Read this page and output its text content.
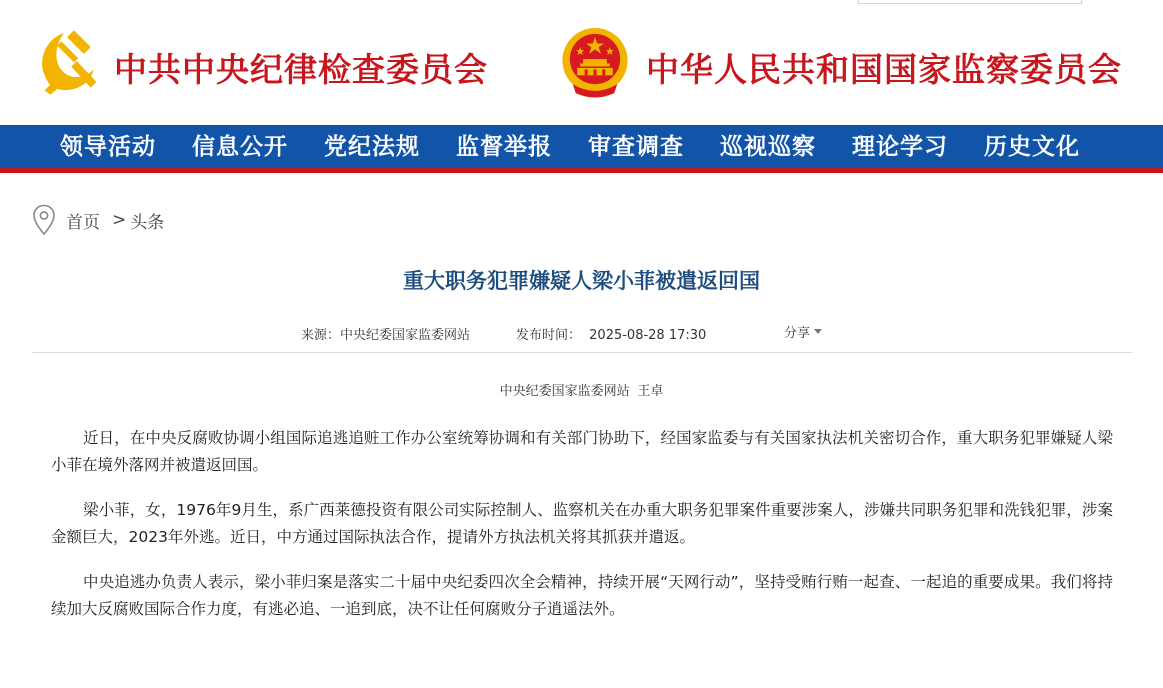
中共中央纪律检查委员会	中华人民共和国国家监察委员会
领导活动 信息公开 党纪法规 监督举报 审查调查 巡视巡察 理论学习 历史文化
首页 > 头条
重大职务犯罪嫌疑人梁小菲被遣返回国
来源：中央纪委国家监委网站	发布时间： 2025-08-28 17:30	分享
中央纪委国家监委网站 王卓

近日，在中央反腐败协调小组国际追逃追赃工作办公室统筹协调和有关部门协助下，经国家监委与有关国家执法机关密切合作，重大职务犯罪嫌疑人梁小菲在境外落网并被遣返回国。

梁小菲，女，1976年9月生，系广西莱德投资有限公司实际控制人、监察机关在办重大职务犯罪案件重要涉案人，涉嫌共同职务犯罪和洗钱犯罪，涉案金额巨大，2023年外逃。近日，中方通过国际执法合作，提请外方执法机关将其抓获并遣返。

中央追逃办负责人表示，梁小菲归案是落实二十届中央纪委四次全会精神，持续开展“天网行动”，坚持受贿行贿一起查、一起追的重要成果。我们将持续加大反腐败国际合作力度，有逃必追、一追到底，决不让任何腐败分子逍遥法外。
